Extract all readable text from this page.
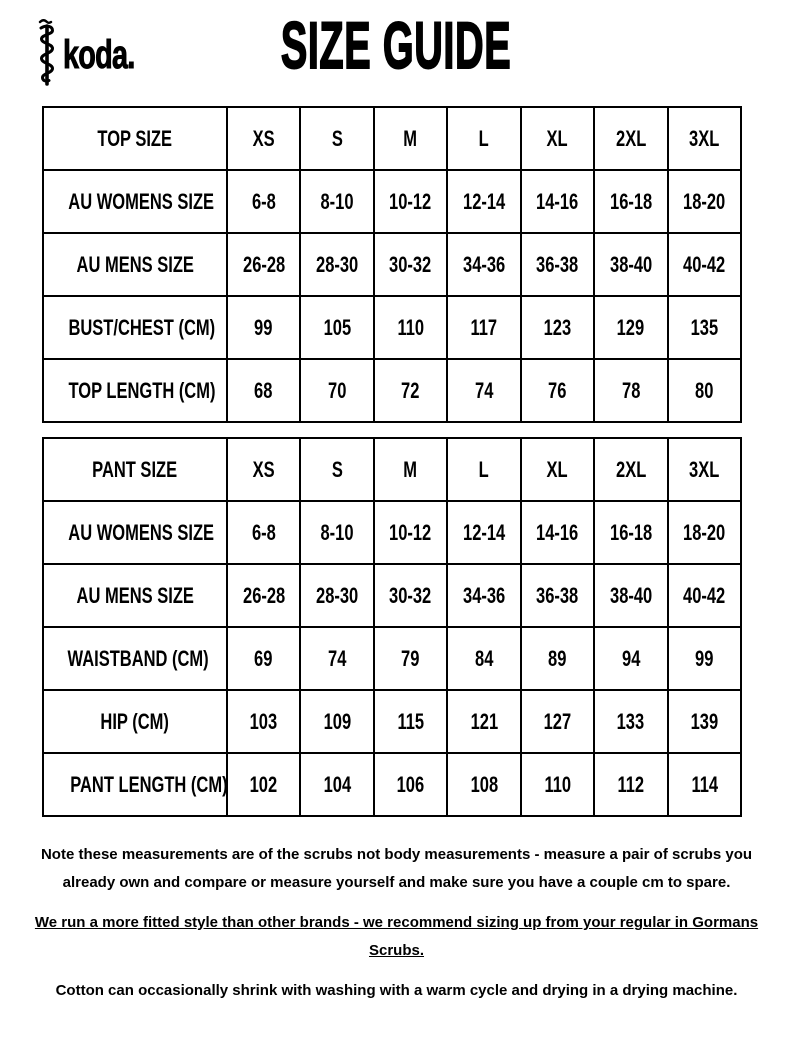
koda.	SIZE GUIDE
TOP SIZE	XS	S	M	L	XL	2XL	3XL
AU WOMENS SIZE	6-8	8-10	10-12	12-14	14-16	16-18	18-20
AU MENS SIZE	26-28	28-30	30-32	34-36	36-38	38-40	40-42
BUST/CHEST (CM)	99	105	110	117	123	129	135
TOP LENGTH (CM)	68	70	72	74	76	78	80
PANT SIZE	XS	S	M	L	XL	2XL	3XL
AU WOMENS SIZE	6-8	8-10	10-12	12-14	14-16	16-18	18-20
AU MENS SIZE	26-28	28-30	30-32	34-36	36-38	38-40	40-42
WAISTBAND (CM)	69	74	79	84	89	94	99
HIP (CM)	103	109	115	121	127	133	139
PANT LENGTH (CM)	102	104	106	108	110	112	114
Note these measurements are of the scrubs not body measurements - measure a pair of scrubs you
already own and compare or measure yourself and make sure you have a couple cm to spare.
We run a more fitted style than other brands - we recommend sizing up from your regular in Gormans
Scrubs.
Cotton can occasionally shrink with washing with a warm cycle and drying in a drying machine.
